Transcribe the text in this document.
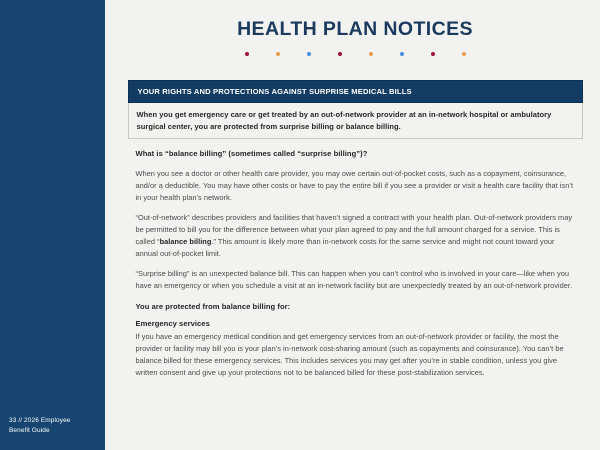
33 // 2026 Employee
Benefit Guide
HEALTH PLAN NOTICES
YOUR RIGHTS AND PROTECTIONS AGAINST SURPRISE MEDICAL BILLS
When you get emergency care or get treated by an out-of-network provider at an in-network hospital or ambulatory surgical center, you are protected from surprise billing or balance billing.

What is “balance billing” (sometimes called “surprise billing”)?

When you see a doctor or other health care provider, you may owe certain out-of-pocket costs, such as a copayment, coinsurance, and/or a deductible. You may have other costs or have to pay the entire bill if you see a provider or visit a health care facility that isn’t in your health plan’s network.

“Out-of-network” describes providers and facilities that haven’t signed a contract with your health plan. Out-of-network providers may be permitted to bill you for the difference between what your plan agreed to pay and the full amount charged for a service. This is called “balance billing.” This amount is likely more than in-network costs for the same service and might not count toward your annual out-of-pocket limit.

“Surprise billing” is an unexpected balance bill. This can happen when you can’t control who is involved in your care—like when you have an emergency or when you schedule a visit at an in-network facility but are unexpectedly treated by an out-of-network provider.

You are protected from balance billing for:

Emergency services

If you have an emergency medical condition and get emergency services from an out-of-network provider or facility, the most the provider or facility may bill you is your plan’s in-network cost-sharing amount (such as copayments and coinsurance). You can’t be balance billed for these emergency services. This includes services you may get after you’re in stable condition, unless you give written consent and give up your protections not to be balanced billed for these post-stabilization services.
